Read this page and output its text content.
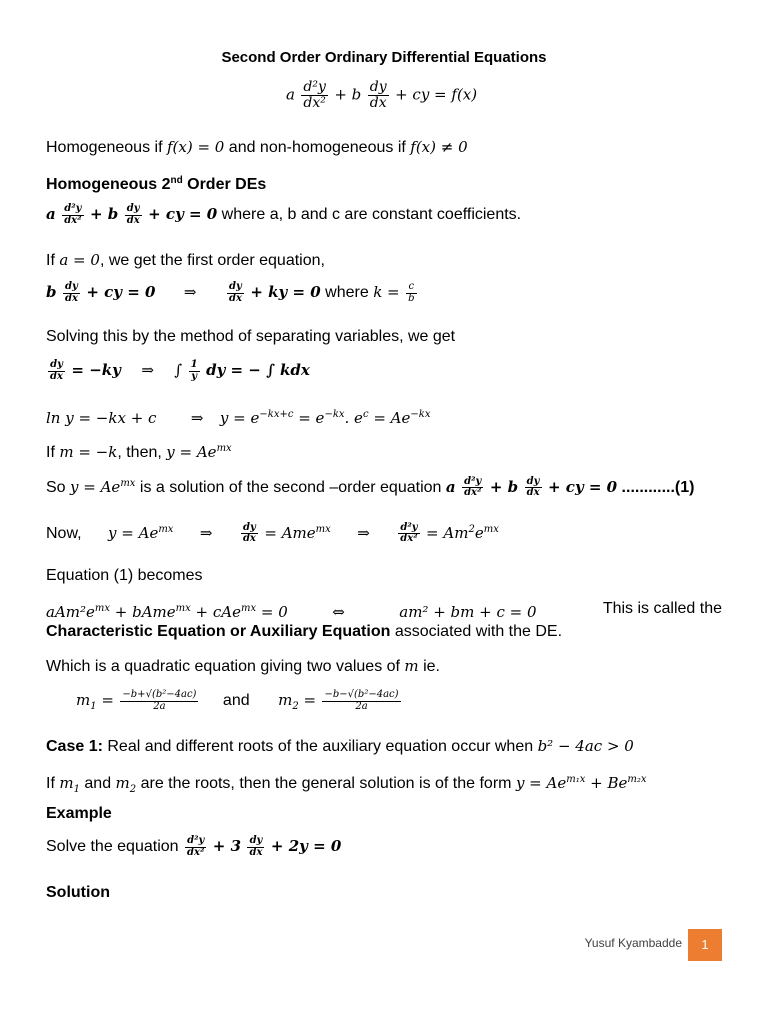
Second Order Ordinary Differential Equations
a $\frac{\text{d²y}}{\text{dx²}} + b \frac{dy}{dx}$ + cy = f(x)
Homogeneous if f(x) = 0 and non-homogeneous if f(x) ≠ 0
Homogeneous 2nd Order DEs
a $\frac{\text{d²y}}{\text{dx²}} + b \frac{dy}{dx}$ + cy = 0 where a, b and c are constant coefficients.
If a = 0, we get the first order equation,
b $\frac{dy}{dx}$ + cy = 0 ⇒	$\frac{dy}{dx}$ + ky = 0 where $k = \frac{c}{b}$
Solving this by the method of separating variables, we get
$\frac{dy}{dx} = -ky$ ⇒ ∫ $\frac{1}{y}$ dy = − ∫ kdx
ln y = −kx + c ⇒ $y = e^{-kx+c} = e^{-kx}$. $e^c = Ae^{-kx}$
If m = −k, then, $y = Ae^{mx}$
So $y = Ae^{mx}$ is a solution of the second –order equation a $\frac{\text{d²y}}{\text{dx²}} + b \frac{dy}{dx}$ + cy = 0 ............(1)
Now, $y = Ae^{mx}$ ⇒	$\frac{dy}{dx} = Ame^{mx}$ ⇒	$\frac{\text{d²y}}{\text{dx²}} = Am^2e^{mx}$
Equation (1) becomes
$aAm^2e^{mx}$ + bAme$^{mx}$ + cAe$^{mx}$ = 0	⇔	am² + bm + c = 0	This is called the
Characteristic Equation or Auxiliary Equation associated with the DE.
Which is a quadratic equation giving two values of m ie.
$m_1 = \frac{\text{−b+√(b²−4ac)}}{2a}$ and $m_2 = \frac{\text{−b−√(b²−4ac)}}{2a}$
Case 1: Real and different roots of the auxiliary equation occur when b² − 4ac > 0
If $m_1$ and $m_2$ are the roots, then the general solution is of the form $y = Ae^{m_1x} + Be^{m_2x}$
Example
Solve the equation $\frac{\text{d²y}}{\text{dx²}} + 3 \frac{dy}{dx} + 2y = 0$
Solution
Yusuf Kyambadde	1
